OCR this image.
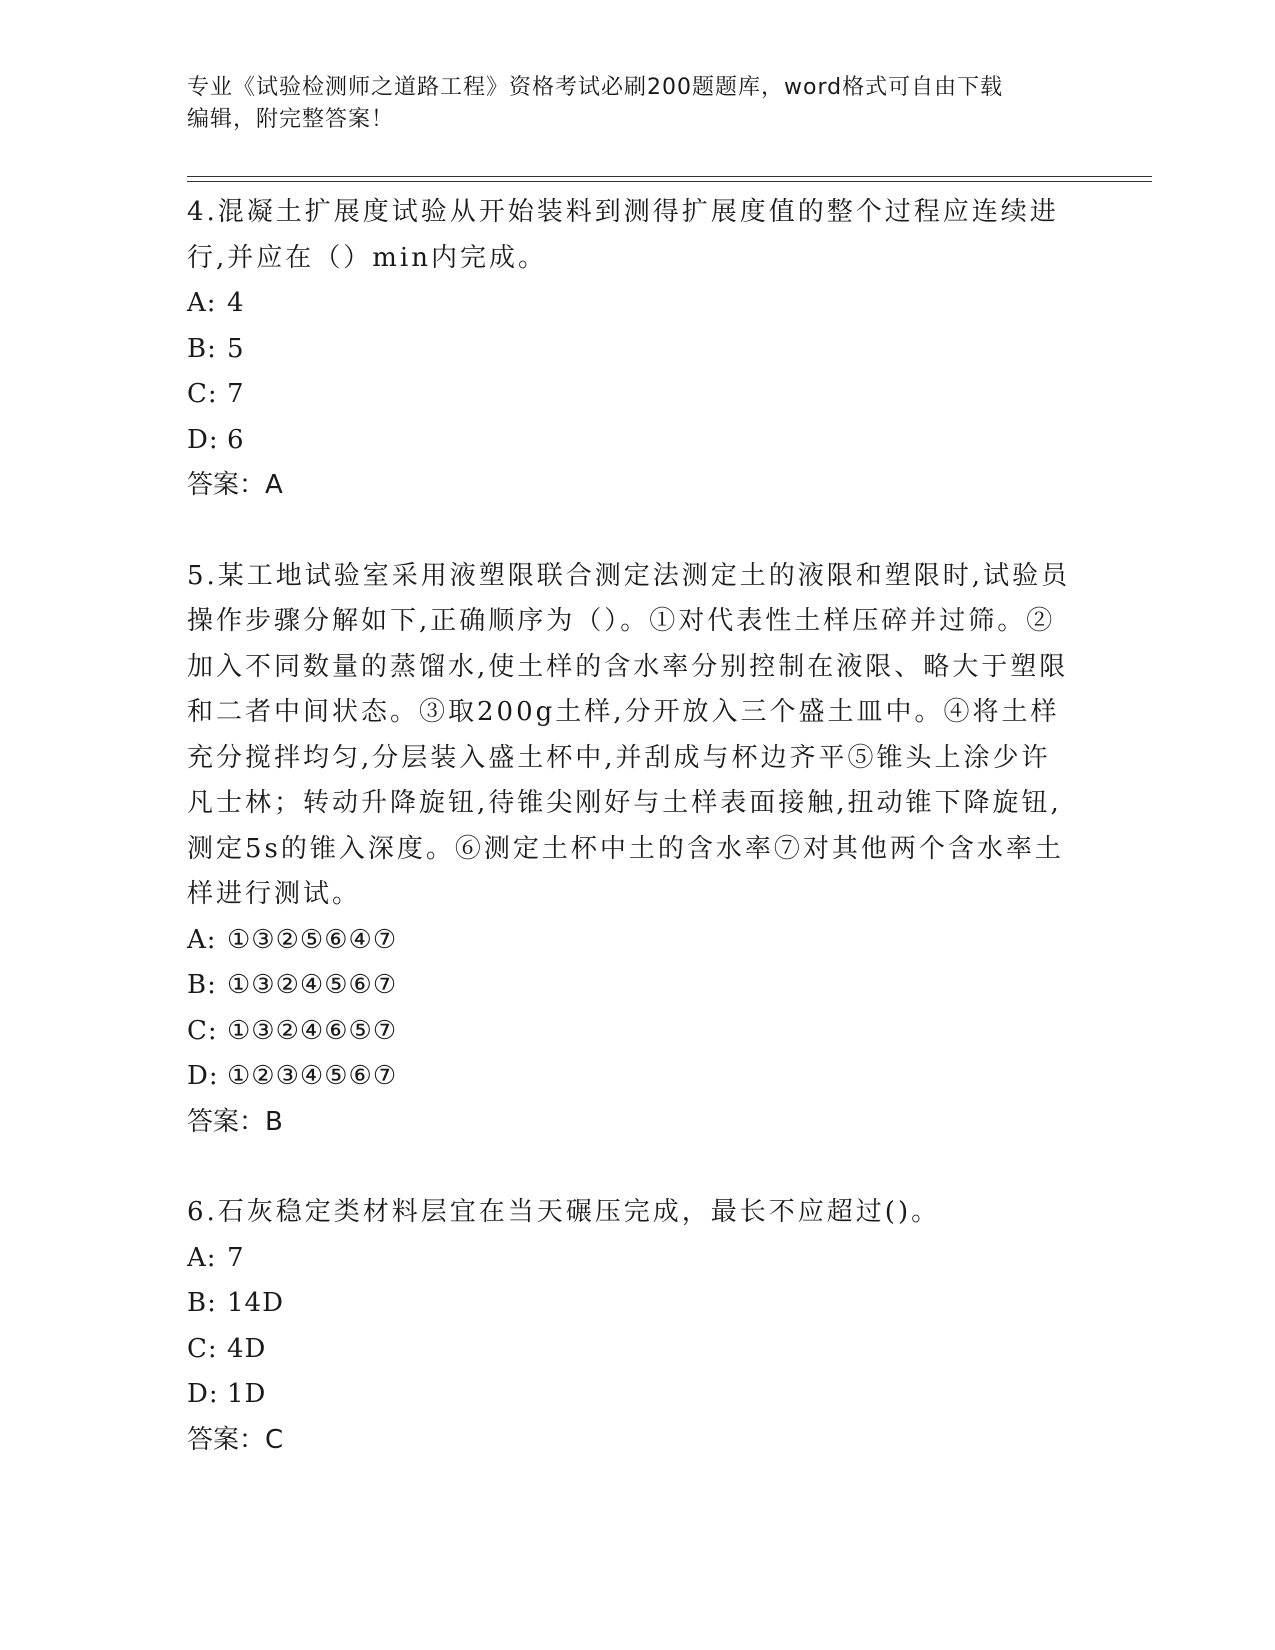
专业《试验检测师之道路工程》资格考试必刷200题题库，word格式可自由下载
编辑，附完整答案！

4.混凝土扩展度试验从开始装料到测得扩展度值的整个过程应连续进

行,并应在（）min内完成。

A: 4

B: 5

C: 7

D: 6

答案：A

5.某工地试验室采用液塑限联合测定法测定土的液限和塑限时,试验员

操作步骤分解如下,正确顺序为（）。①对代表性土样压碎并过筛。②

加入不同数量的蒸馏水,使土样的含水率分别控制在液限、略大于塑限

和二者中间状态。③取200g土样,分开放入三个盛土皿中。④将土样

充分搅拌均匀,分层装入盛土杯中,并刮成与杯边齐平⑤锥头上涂少许

凡士林；转动升降旋钮,待锥尖刚好与土样表面接触,扭动锥下降旋钮,

测定5s的锥入深度。⑥测定土杯中土的含水率⑦对其他两个含水率土

样进行测试。

A: ①③②⑤⑥④⑦

B: ①③②④⑤⑥⑦

C: ①③②④⑥⑤⑦

D: ①②③④⑤⑥⑦

答案：B

6.石灰稳定类材料层宜在当天碾压完成，最长不应超过()。

A: 7

B: 14D

C: 4D

D: 1D

答案：C
